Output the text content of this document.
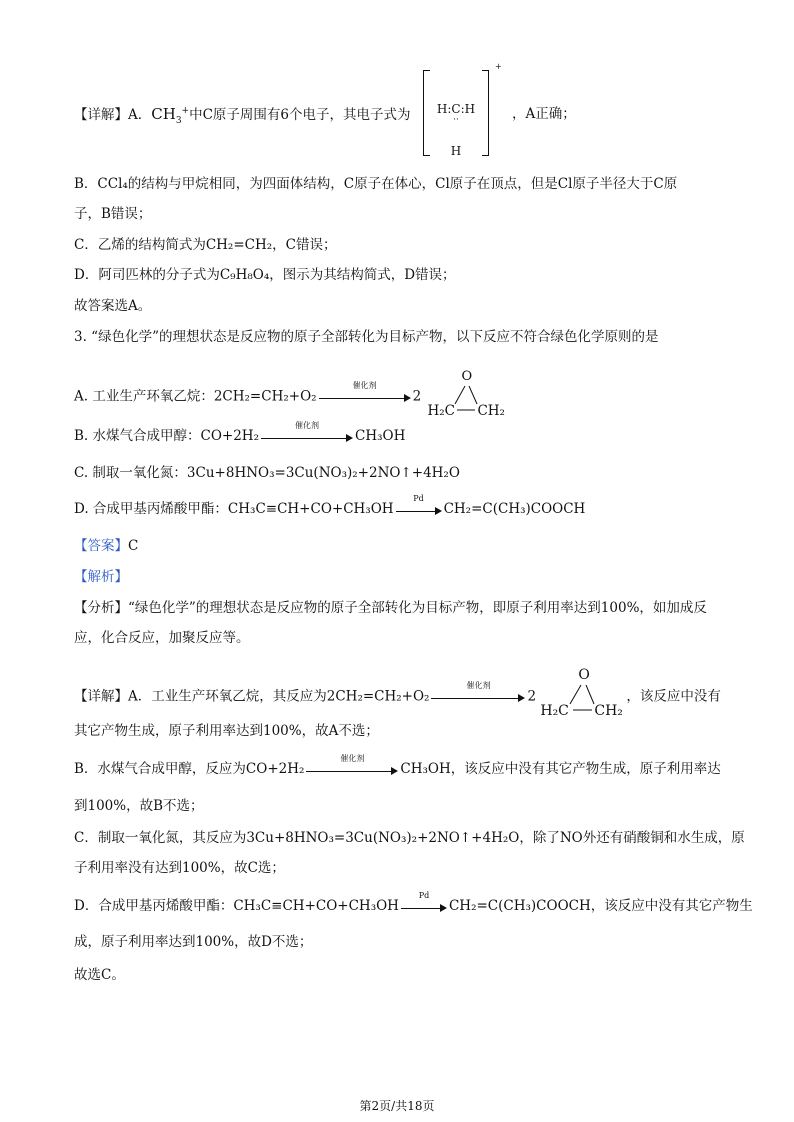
【详解】A．$CH_3^+$中C原子周围有6个电子，其电子式为	H:C:H
··
H
+
，A正确；
B．CCl₄的结构与甲烷相同，为四面体结构，C原子在体心，Cl原子在顶点，但是Cl原子半径大于C原
子，B错误；
C．乙烯的结构简式为CH₂=CH₂，C错误；
D．阿司匹林的分子式为C₉H₈O₄，图示为其结构简式，D错误；
故答案选A。
3. “绿色化学”的理想状态是反应物的原子全部转化为目标产物，以下反应不符合绿色化学原则的是
A. 工业生产环氧乙烷：2CH₂=CH₂+O₂
催化剂
2
O
H₂C CH₂
B. 水煤气合成甲醇：CO+2H₂
催化剂
CH₃OH
C. 制取一氧化氮：3Cu+8HNO₃=3Cu(NO₃)₂+2NO↑+4H₂O
D. 合成甲基丙烯酸甲酯：CH₃C≡CH+CO+CH₃OH
Pd
CH₂=C(CH₃)COOCH
【答案】C
【解析】
【分析】“绿色化学”的理想状态是反应物的原子全部转化为目标产物，即原子利用率达到100%，如加成反
应，化合反应，加聚反应等。
【详解】A．工业生产环氧乙烷，其反应为2CH₂=CH₂+O₂
催化剂
2
O
H₂C CH₂
，该反应中没有
其它产物生成，原子利用率达到100%，故A不选；
B．水煤气合成甲醇，反应为CO+2H₂
催化剂
CH₃OH，该反应中没有其它产物生成，原子利用率达
到100%，故B不选；
C．制取一氧化氮，其反应为3Cu+8HNO₃=3Cu(NO₃)₂+2NO↑+4H₂O，除了NO外还有硝酸铜和水生成，原
子利用率没有达到100%，故C选；
D．合成甲基丙烯酸甲酯：CH₃C≡CH+CO+CH₃OH
Pd
CH₂=C(CH₃)COOCH，该反应中没有其它产物生
成，原子利用率达到100%，故D不选；
故选C。
第2页/共18页
